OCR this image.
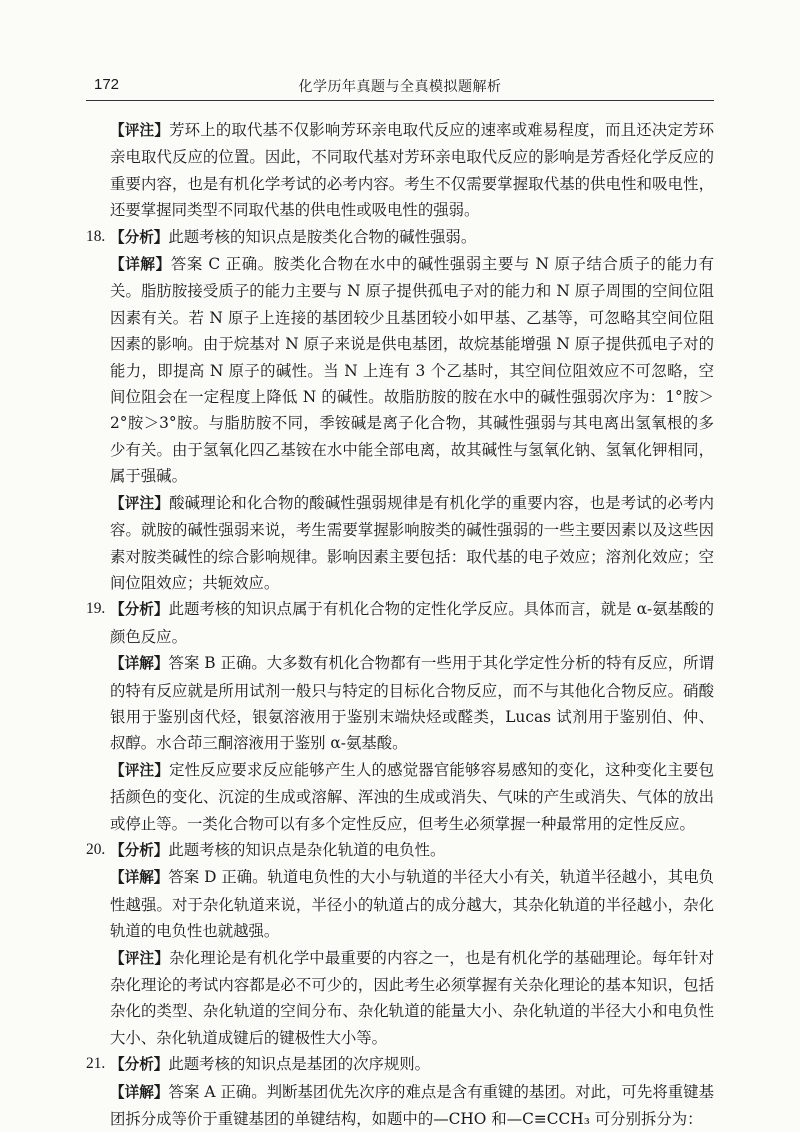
172	化学历年真题与全真模拟题解析

【评注】芳环上的取代基不仅影响芳环亲电取代反应的速率或难易程度，而且还决定芳环亲电取代反应的位置。因此，不同取代基对芳环亲电取代反应的影响是芳香烃化学反应的重要内容，也是有机化学考试的必考内容。考生不仅需要掌握取代基的供电性和吸电性，还要掌握同类型不同取代基的供电性或吸电性的强弱。

18. 【分析】此题考核的知识点是胺类化合物的碱性强弱。

【详解】答案 C 正确。胺类化合物在水中的碱性强弱主要与 N 原子结合质子的能力有关。脂肪胺接受质子的能力主要与 N 原子提供孤电子对的能力和 N 原子周围的空间位阻因素有关。若 N 原子上连接的基团较少且基团较小如甲基、乙基等，可忽略其空间位阻因素的影响。由于烷基对 N 原子来说是供电基团，故烷基能增强 N 原子提供孤电子对的能力，即提高 N 原子的碱性。当 N 上连有 3 个乙基时，其空间位阻效应不可忽略，空间位阻会在一定程度上降低 N 的碱性。故脂肪胺的胺在水中的碱性强弱次序为：1°胺＞2°胺＞3°胺。与脂肪胺不同，季铵碱是离子化合物，其碱性强弱与其电离出氢氧根的多少有关。由于氢氧化四乙基铵在水中能全部电离，故其碱性与氢氧化钠、氢氧化钾相同，属于强碱。

【评注】酸碱理论和化合物的酸碱性强弱规律是有机化学的重要内容，也是考试的必考内容。就胺的碱性强弱来说，考生需要掌握影响胺类的碱性强弱的一些主要因素以及这些因素对胺类碱性的综合影响规律。影响因素主要包括：取代基的电子效应；溶剂化效应；空间位阻效应；共轭效应。

19. 【分析】此题考核的知识点属于有机化合物的定性化学反应。具体而言，就是 α-氨基酸的颜色反应。

【详解】答案 B 正确。大多数有机化合物都有一些用于其化学定性分析的特有反应，所谓的特有反应就是所用试剂一般只与特定的目标化合物反应，而不与其他化合物反应。硝酸银用于鉴别卤代烃，银氨溶液用于鉴别末端炔烃或醛类，Lucas 试剂用于鉴别伯、仲、叔醇。水合茚三酮溶液用于鉴别 α-氨基酸。

【评注】定性反应要求反应能够产生人的感觉器官能够容易感知的变化，这种变化主要包括颜色的变化、沉淀的生成或溶解、浑浊的生成或消失、气味的产生或消失、气体的放出或停止等。一类化合物可以有多个定性反应，但考生必须掌握一种最常用的定性反应。

20. 【分析】此题考核的知识点是杂化轨道的电负性。

【详解】答案 D 正确。轨道电负性的大小与轨道的半径大小有关，轨道半径越小，其电负性越强。对于杂化轨道来说，半径小的轨道占的成分越大，其杂化轨道的半径越小，杂化轨道的电负性也就越强。

【评注】杂化理论是有机化学中最重要的内容之一，也是有机化学的基础理论。每年针对杂化理论的考试内容都是必不可少的，因此考生必须掌握有关杂化理论的基本知识，包括杂化的类型、杂化轨道的空间分布、杂化轨道的能量大小、杂化轨道的半径大小和电负性大小、杂化轨道成键后的键极性大小等。

21. 【分析】此题考核的知识点是基团的次序规则。

【详解】答案 A 正确。判断基团优先次序的难点是含有重键的基团。对此，可先将重键基团拆分成等价于重键基团的单键结构，如题中的—CHO 和—C≡CCH₃ 可分别拆分为：
